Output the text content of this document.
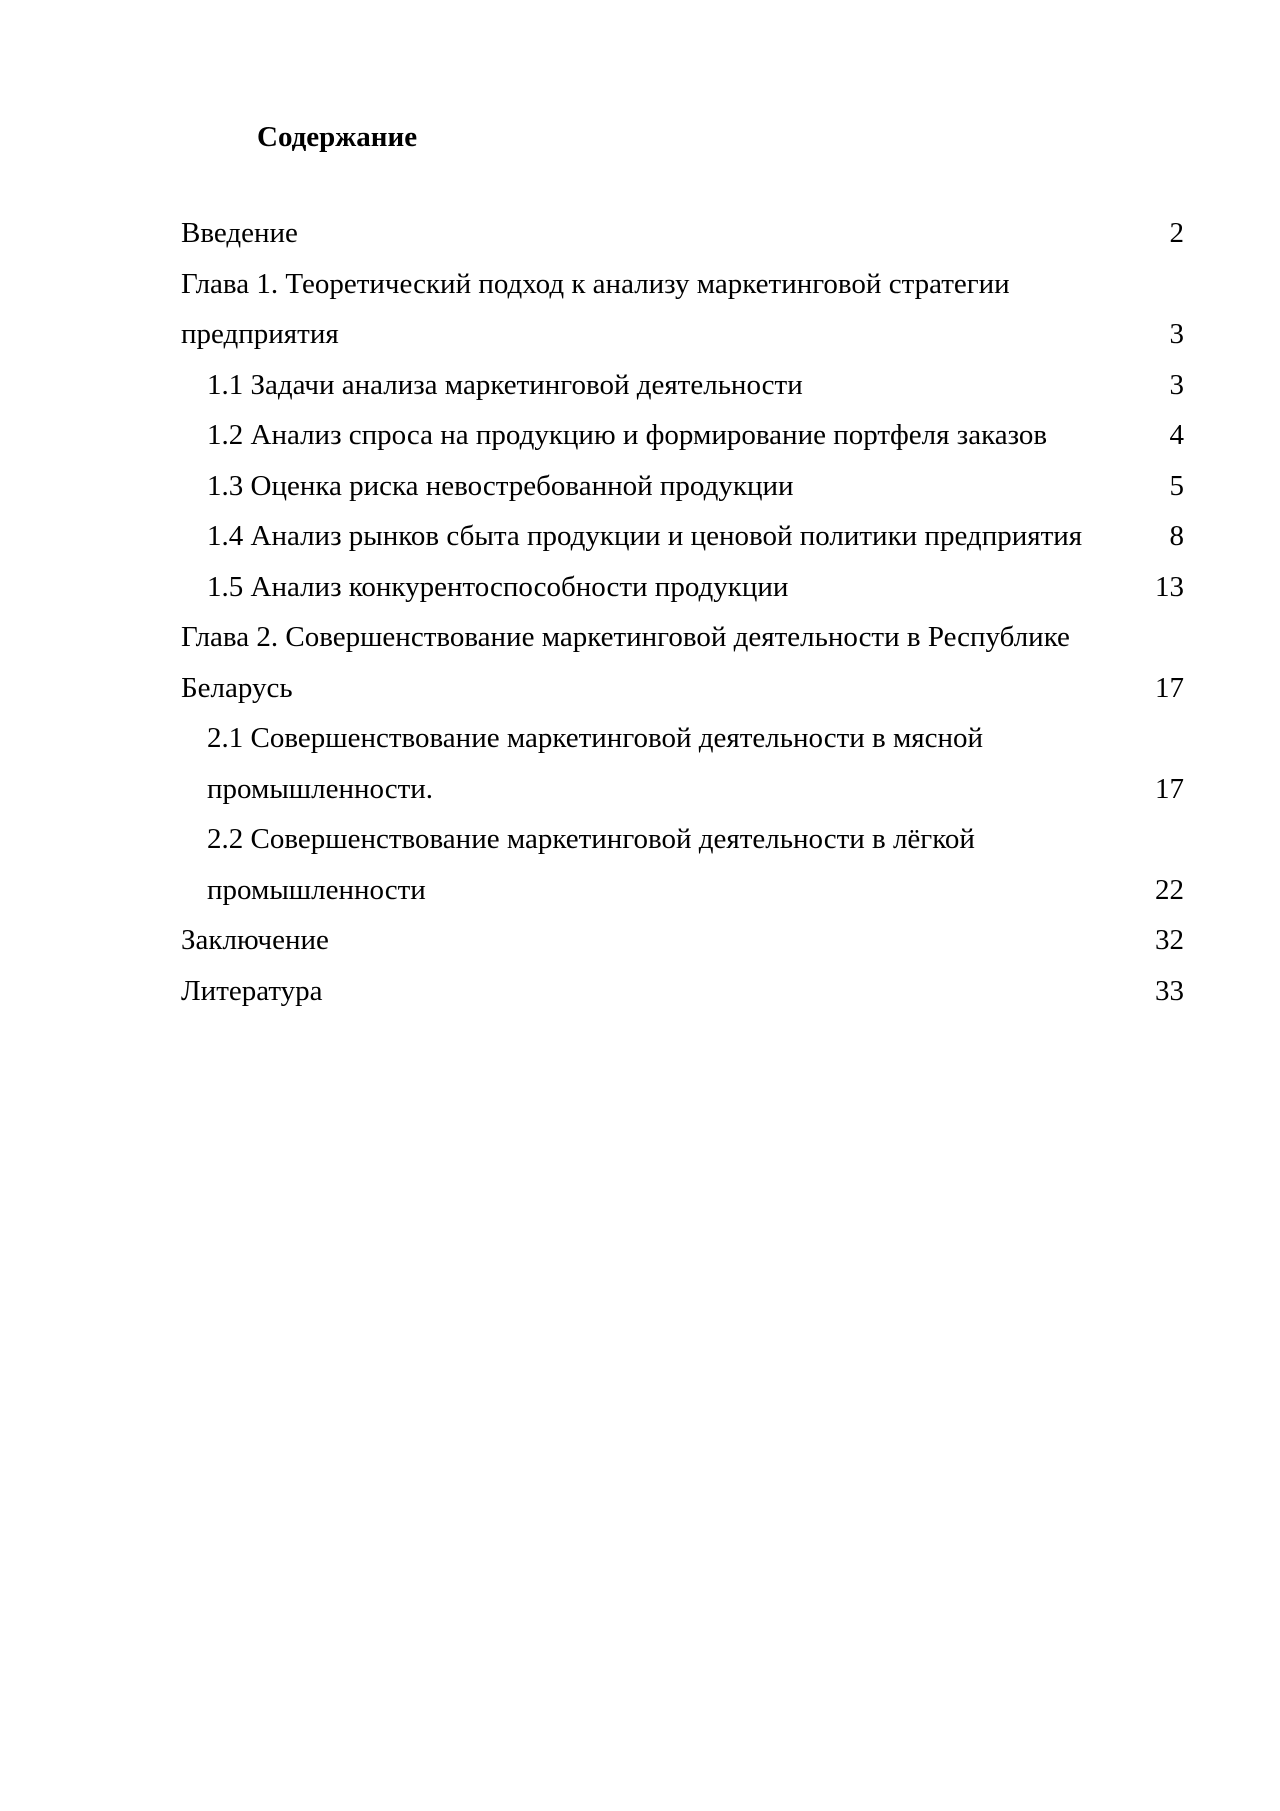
Содержание
Введение	2
Глава 1. Теоретический подход к анализу маркетинговой стратегии предприятия	3
1.1 Задачи анализа маркетинговой деятельности	3
1.2 Анализ спроса на продукцию и формирование портфеля заказов	4
1.3 Оценка риска невостребованной продукции	5
1.4 Анализ рынков сбыта продукции и ценовой политики предприятия	8
1.5 Анализ конкурентоспособности продукции	13
Глава 2. Совершенствование маркетинговой деятельности в Республике Беларусь	17
2.1 Совершенствование маркетинговой деятельности в мясной промышленности.	17
2.2 Совершенствование маркетинговой деятельности в лёгкой промышленности	22
Заключение	32
Литература	33
